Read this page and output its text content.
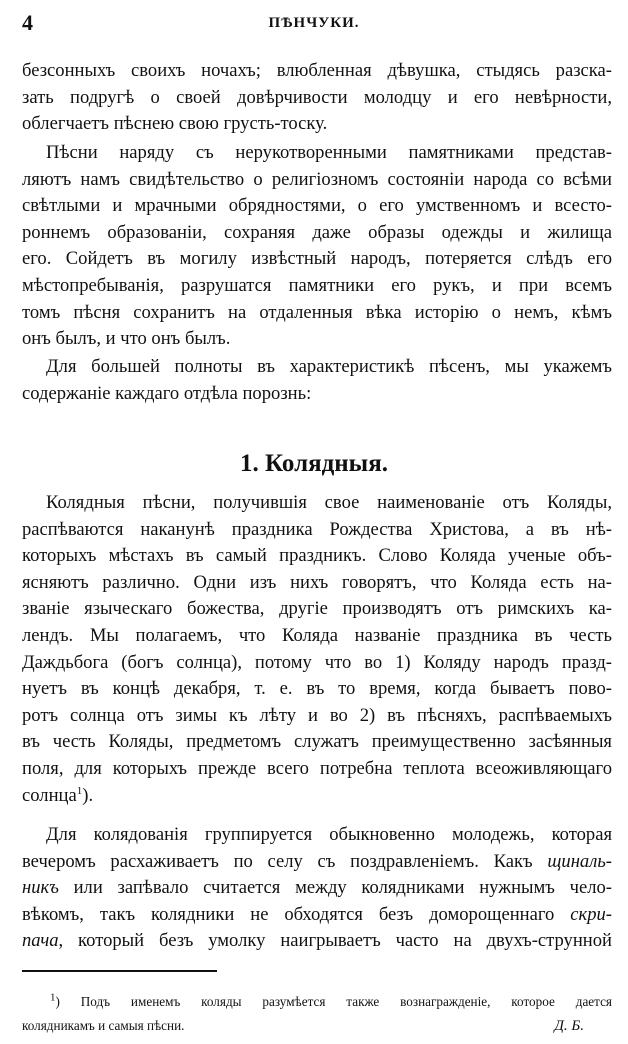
4	ПѢНЧУКИ.

безсонныхъ своихъ ночахъ; влюбленная дѣвушка, стыдясь разска-
зать подругѣ о своей довѣрчивости молодцу и его невѣрности,
облегчаетъ пѣснею свою грусть-тоску.

Пѣсни наряду съ нерукотворенными памятниками представ-
ляютъ намъ свидѣтельство о религіозномъ состояніи народа со всѣми
свѣтлыми и мрачными обрядностями, о его умственномъ и всесто-
роннемъ образованіи, сохраняя даже образы одежды и жилища
его. Сойдетъ въ могилу извѣстный народъ, потеряется слѣдъ его
мѣстопребыванія, разрушатся памятники его рукъ, и при всемъ
томъ пѣсня сохранитъ на отдаленныя вѣка исторію о немъ, кѣмъ
онъ былъ, и что онъ былъ.

Для большей полноты въ характеристикѣ пѣсенъ, мы укажемъ
содержаніе каждаго отдѣла порознь:

1. Колядныя.

Колядныя пѣсни, получившія свое наименованіе отъ Коляды,
распѣваются наканунѣ праздника Рождества Христова, а въ нѣ-
которыхъ мѣстахъ въ самый праздникъ. Слово Коляда ученые объ-
ясняютъ различно. Одни изъ нихъ говорятъ, что Коляда есть на-
званіе языческаго божества, другіе производятъ отъ римскихъ ка-
лендъ. Мы полагаемъ, что Коляда названіе праздника въ честь
Даждьбога (богъ солнца), потому что во 1) Коляду народъ празд-
нуетъ въ концѣ декабря, т. е. въ то время, когда бываетъ пово-
ротъ солнца отъ зимы къ лѣту и во 2) въ пѣсняхъ, распѣваемыхъ
въ честь Коляды, предметомъ служатъ преимущественно засѣянныя
поля, для которыхъ прежде всего потребна теплота всеоживляющаго
солнца$^1$).

Для колядованія группируется обыкновенно молодежь, которая
вечеромъ расхаживаетъ по селу съ поздравленіемъ. Какъ щиналь-
никъ или запѣвало считается между колядниками нужнымъ чело-
вѣкомъ, такъ колядники не обходятся безъ доморощеннаго скри-
пача, который безъ умолку наигрываетъ часто на двухъ-струнной

$^1$) Подъ именемъ коляды разумѣется также вознагражденіе, которое дается
колядникамъ и самыя пѣсни.	Д. Б.
